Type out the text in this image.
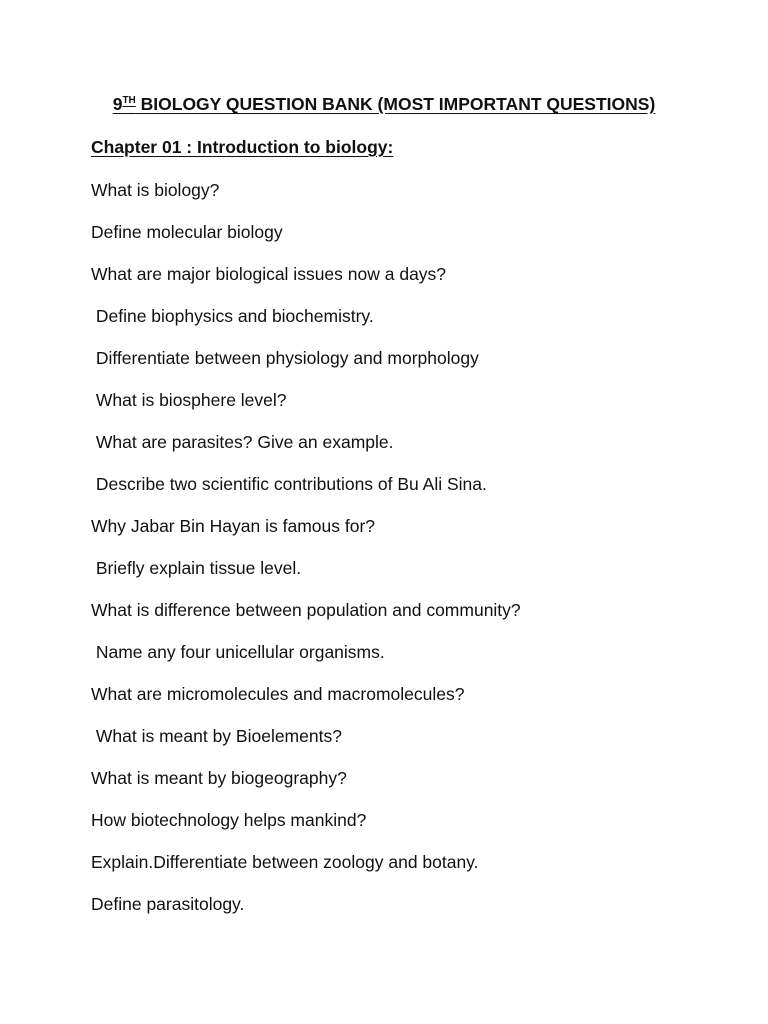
9TH BIOLOGY QUESTION BANK (MOST IMPORTANT QUESTIONS)
Chapter 01 : Introduction to biology:
What is biology?
Define molecular biology
What are major biological issues now a days?
Define biophysics and biochemistry.
Differentiate between physiology and morphology
What is biosphere level?
What are parasites? Give an example.
Describe two scientific contributions of Bu Ali Sina.
Why Jabar Bin Hayan is famous for?
Briefly explain tissue level.
What is difference between population and community?
Name any four unicellular organisms.
What are micromolecules and macromolecules?
What is meant by Bioelements?
What is meant by biogeography?
How biotechnology helps mankind?
Explain.Differentiate between zoology and botany.
Define parasitology.
